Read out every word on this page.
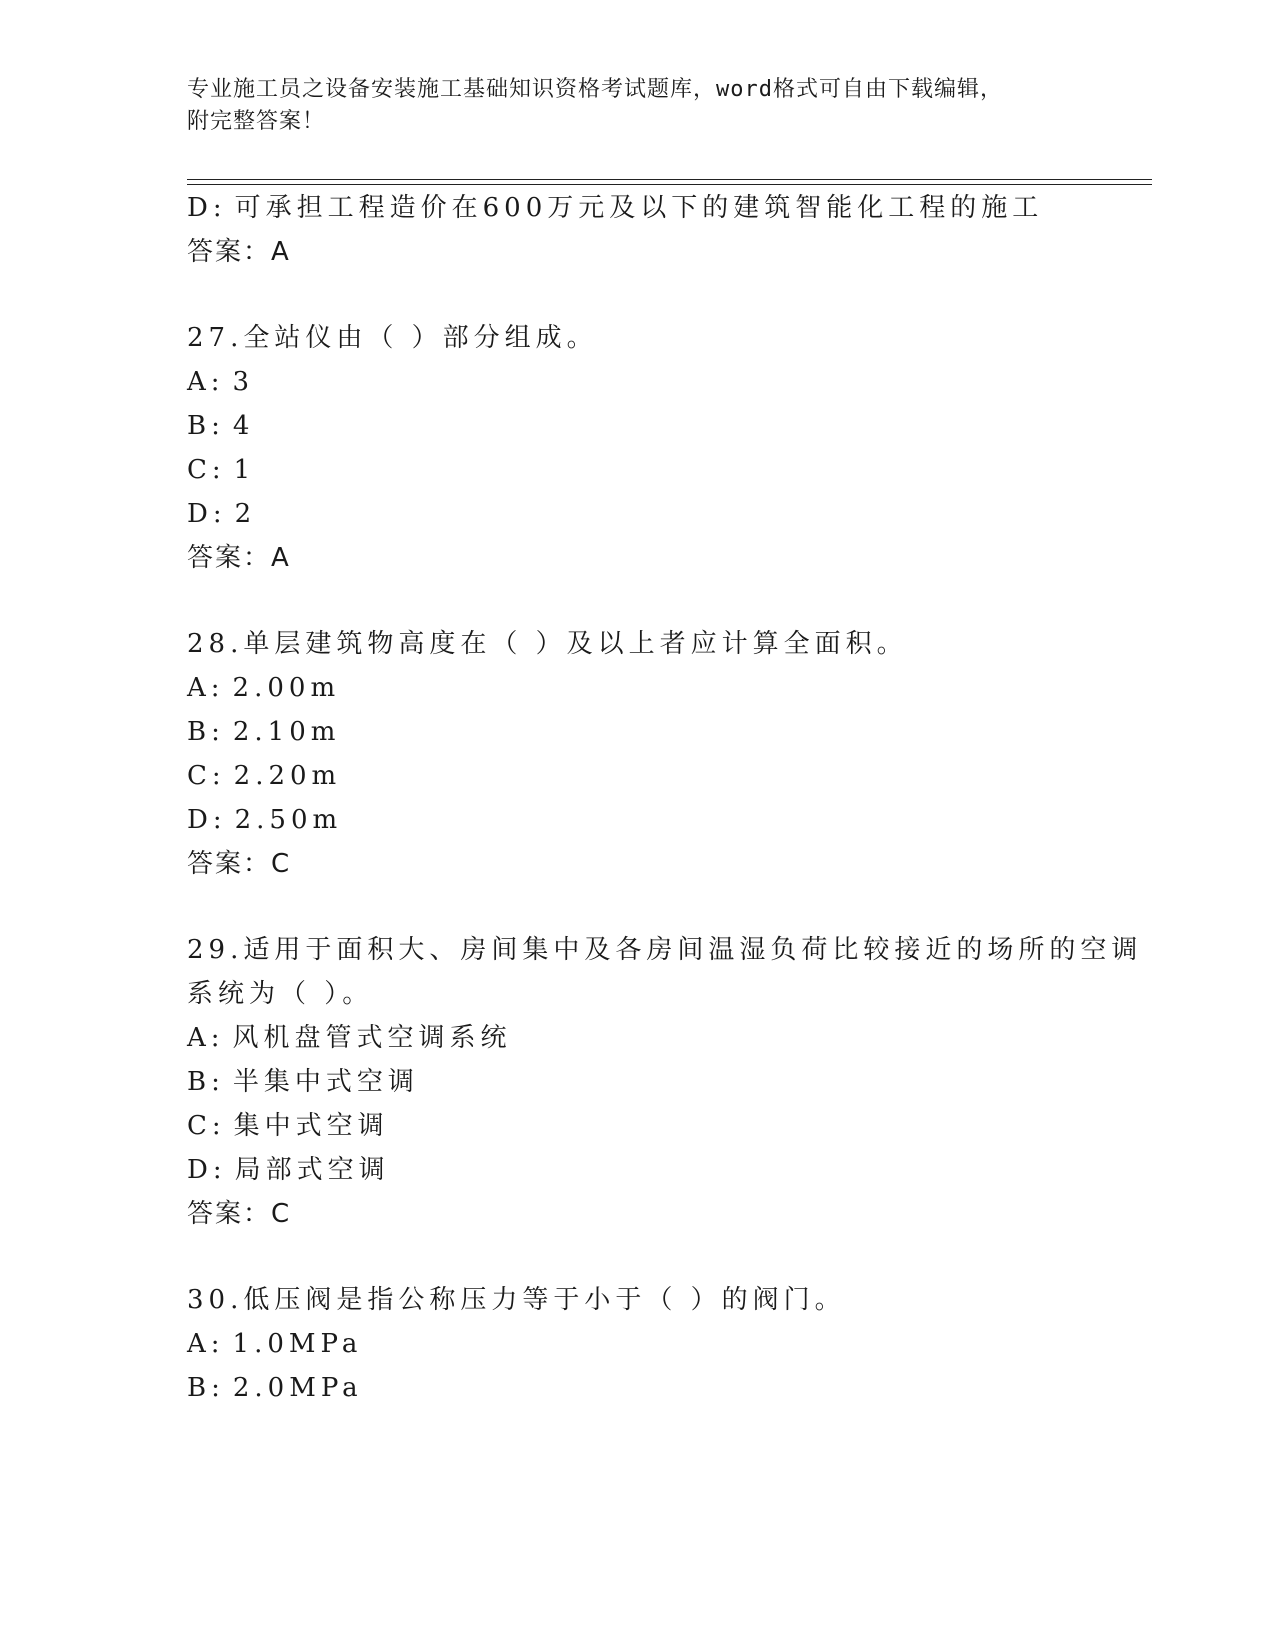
专业施工员之设备安装施工基础知识资格考试题库，word格式可自由下载编辑，
附完整答案！
D: 可承担工程造价在600万元及以下的建筑智能化工程的施工
答案：A
27.全站仪由（ ）部分组成。
A: 3
B: 4
C: 1
D: 2
答案：A
28.单层建筑物高度在（ ）及以上者应计算全面积。
A: 2.00m
B: 2.10m
C: 2.20m
D: 2.50m
答案：C
29.适用于面积大、房间集中及各房间温湿负荷比较接近的场所的空调
系统为（ ）。
A: 风机盘管式空调系统
B: 半集中式空调
C: 集中式空调
D: 局部式空调
答案：C
30.低压阀是指公称压力等于小于（ ）的阀门。
A: 1.0MPa
B: 2.0MPa
